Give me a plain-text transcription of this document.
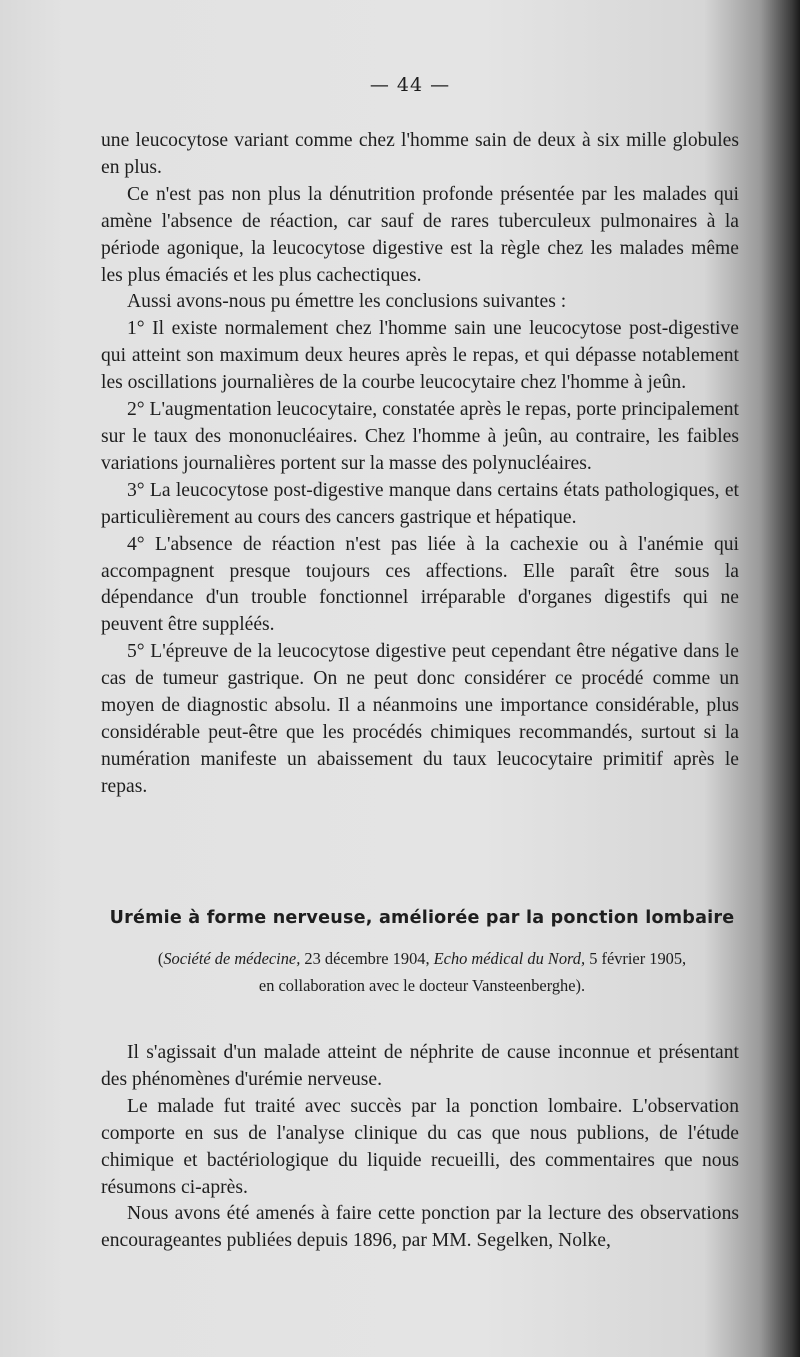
— 44 —

une leucocytose variant comme chez l'homme sain de deux à six mille globules en plus.

Ce n'est pas non plus la dénutrition profonde présentée par les malades qui amène l'absence de réaction, car sauf de rares tuberculeux pulmonaires à la période agonique, la leucocytose digestive est la règle chez les malades même les plus émaciés et les plus cachectiques.

Aussi avons-nous pu émettre les conclusions suivantes :

1° Il existe normalement chez l'homme sain une leucocytose post-digestive qui atteint son maximum deux heures après le repas, et qui dépasse notablement les oscillations journalières de la courbe leucocytaire chez l'homme à jeûn.

2° L'augmentation leucocytaire, constatée après le repas, porte principalement sur le taux des mononucléaires. Chez l'homme à jeûn, au contraire, les faibles variations journalières portent sur la masse des polynucléaires.

3° La leucocytose post-digestive manque dans certains états pathologiques, et particulièrement au cours des cancers gastrique et hépatique.

4° L'absence de réaction n'est pas liée à la cachexie ou à l'anémie qui accompagnent presque toujours ces affections. Elle paraît être sous la dépendance d'un trouble fonctionnel irréparable d'organes digestifs qui ne peuvent être suppléés.

5° L'épreuve de la leucocytose digestive peut cependant être négative dans le cas de tumeur gastrique. On ne peut donc considérer ce procédé comme un moyen de diagnostic absolu. Il a néanmoins une importance considérable, plus considérable peut-être que les procédés chimiques recommandés, surtout si la numération manifeste un abaissement du taux leucocytaire primitif après le repas.

Urémie à forme nerveuse, améliorée par la ponction lombaire
(Société de médecine, 23 décembre 1904, Echo médical du Nord, 5 février 1905,
en collaboration avec le docteur Vansteenberghe).

Il s'agissait d'un malade atteint de néphrite de cause inconnue et présentant des phénomènes d'urémie nerveuse.

Le malade fut traité avec succès par la ponction lombaire. L'observation comporte en sus de l'analyse clinique du cas que nous publions, de l'étude chimique et bactériologique du liquide recueilli, des commentaires que nous résumons ci-après.

Nous avons été amenés à faire cette ponction par la lecture des observations encourageantes publiées depuis 1896, par MM. Segelken, Nolke,
